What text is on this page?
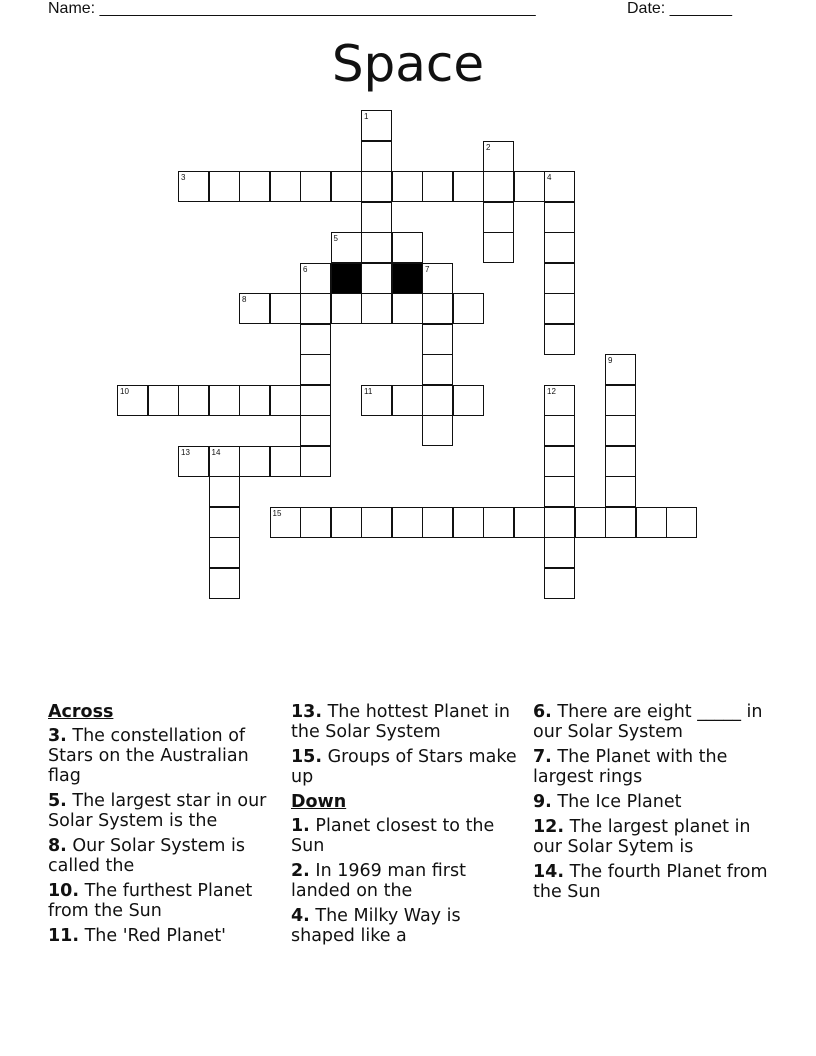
Name: _________________________________________________	Date: _______
Space
1
2
3	4
5
6	7
8
9
10	11	12
13	14
15
Across
3. The constellation of Stars on the Australian flag
5. The largest star in our Solar System is the
8. Our Solar System is called the
10. The furthest Planet from the Sun
11. The 'Red Planet'
13. The hottest Planet in the Solar System
15. Groups of Stars make up
Down
1. Planet closest to the Sun
2. In 1969 man first landed on the
4. The Milky Way is shaped like a
6. There are eight _____ in our Solar System
7. The Planet with the largest rings
9. The Ice Planet
12. The largest planet in our Solar Sytem is
14. The fourth Planet from the Sun
